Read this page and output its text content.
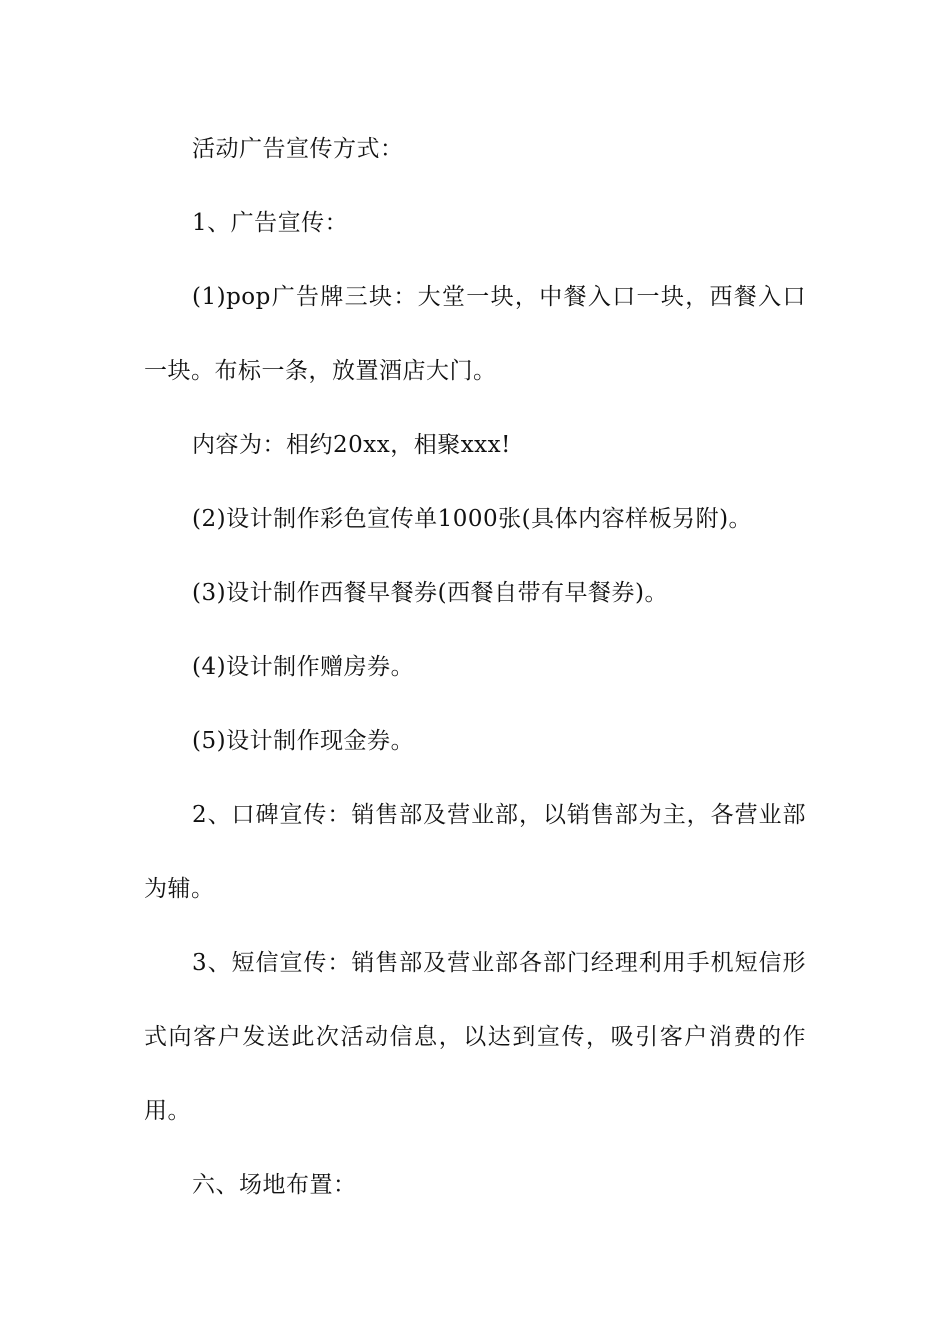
活动广告宣传方式：

1、广告宣传：

(1)pop广告牌三块：大堂一块，中餐入口一块，西餐入口一块。布标一条，放置酒店大门。

内容为：相约20xx，相聚xxx!

(2)设计制作彩色宣传单1000张(具体内容样板另附)。

(3)设计制作西餐早餐券(西餐自带有早餐券)。

(4)设计制作赠房券。

(5)设计制作现金券。

2、口碑宣传：销售部及营业部，以销售部为主，各营业部为辅。

3、短信宣传：销售部及营业部各部门经理利用手机短信形式向客户发送此次活动信息，以达到宣传，吸引客户消费的作用。

六、场地布置：
